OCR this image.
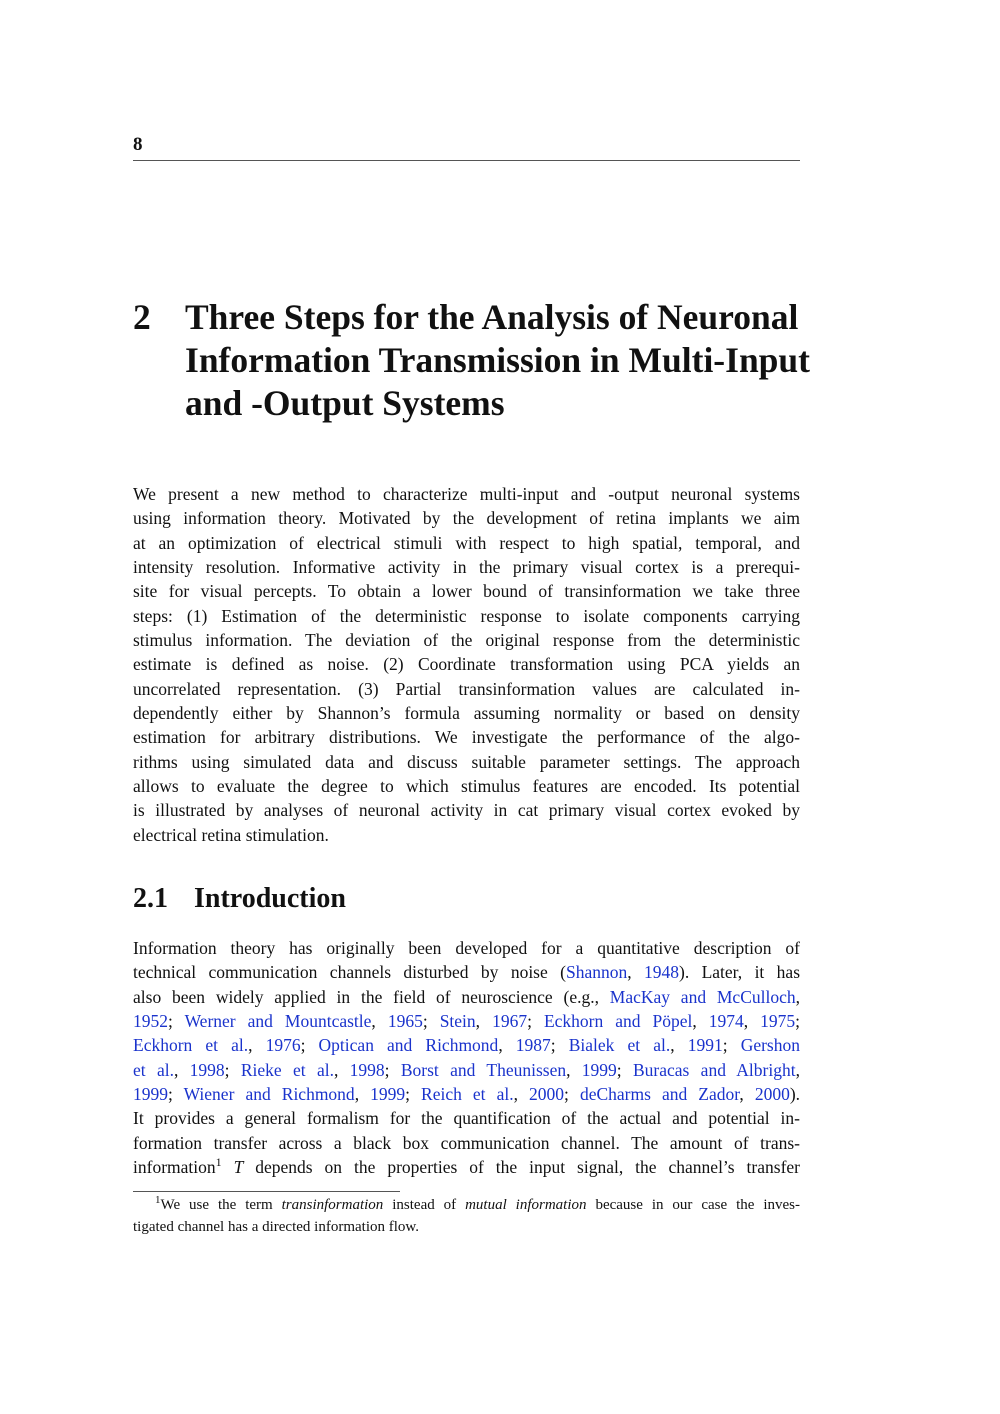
8
2 Three Steps for the Analysis of Neuronal
Information Transmission in Multi-Input
and -Output Systems
We present a new method to characterize multi-input and -output neuronal systems
using information theory. Motivated by the development of retina implants we aim
at an optimization of electrical stimuli with respect to high spatial, temporal, and
intensity resolution. Informative activity in the primary visual cortex is a prerequi-
site for visual percepts. To obtain a lower bound of transinformation we take three
steps: (1) Estimation of the deterministic response to isolate components carrying
stimulus information. The deviation of the original response from the deterministic
estimate is defined as noise. (2) Coordinate transformation using PCA yields an
uncorrelated representation. (3) Partial transinformation values are calculated in-
dependently either by Shannon’s formula assuming normality or based on density
estimation for arbitrary distributions. We investigate the performance of the algo-
rithms using simulated data and discuss suitable parameter settings. The approach
allows to evaluate the degree to which stimulus features are encoded. Its potential
is illustrated by analyses of neuronal activity in cat primary visual cortex evoked by
electrical retina stimulation.
2.1 Introduction
Information theory has originally been developed for a quantitative description of
technical communication channels disturbed by noise (Shannon, 1948). Later, it has
also been widely applied in the field of neuroscience (e.g., MacKay and McCulloch,
1952; Werner and Mountcastle, 1965; Stein, 1967; Eckhorn and Pöpel, 1974, 1975;
Eckhorn et al., 1976; Optican and Richmond, 1987; Bialek et al., 1991; Gershon
et al., 1998; Rieke et al., 1998; Borst and Theunissen, 1999; Buracas and Albright,
1999; Wiener and Richmond, 1999; Reich et al., 2000; deCharms and Zador, 2000).
It provides a general formalism for the quantification of the actual and potential in-
formation transfer across a black box communication channel. The amount of trans-
information$^1$ T depends on the properties of the input signal, the channel’s transfer
$^1$We use the term transinformation instead of mutual information because in our case the inves-
tigated channel has a directed information flow.
